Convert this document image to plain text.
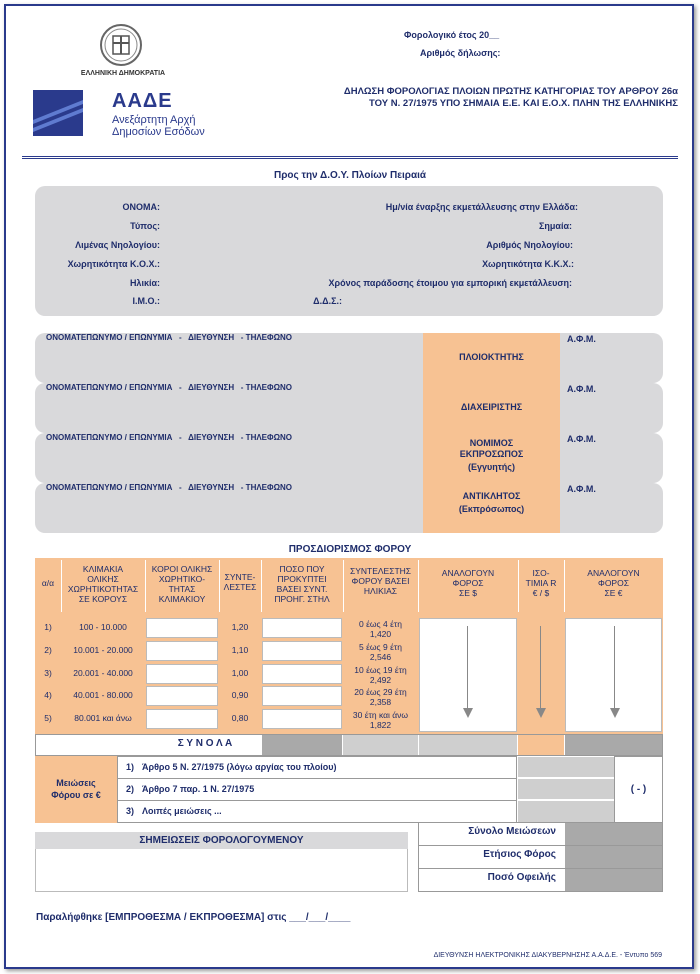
ΕΛΛΗΝΙΚΗ ΔΗΜΟΚΡΑΤΙΑ
ΑΑΔΕ
Ανεξάρτητη Αρχή
Δημοσίων Εσόδων
Φορολογικό έτος 20__
Αριθμός δήλωσης:
ΔΗΛΩΣΗ ΦΟΡΟΛΟΓΙΑΣ ΠΛΟΙΩΝ ΠΡΩΤΗΣ ΚΑΤΗΓΟΡΙΑΣ ΤΟΥ ΑΡΘΡΟΥ 26α
ΤΟΥ Ν. 27/1975 ΥΠΟ ΣΗΜΑΙΑ Ε.Ε. ΚΑΙ Ε.Ο.Χ. ΠΛΗΝ ΤΗΣ ΕΛΛΗΝΙΚΗΣ
Προς την Δ.Ο.Υ. Πλοίων Πειραιά
ΟΝΟΜΑ:
Τύπος:
Λιμένας Νηολογίου:
Χωρητικότητα Κ.Ο.Χ.:
Ηλικία:
Ι.Μ.Ο.:
Ημ/νία έναρξης εκμετάλλευσης στην Ελλάδα:
Σημαία:
Αριθμός Νηολογίου:
Χωρητικότητα Κ.Κ.Χ.:
Χρόνος παράδοσης έτοιμου για εμπορική εκμετάλλευση:
Δ.Δ.Σ.:
ΟΝΟΜΑΤΕΠΩΝΥΜΟ / ΕΠΩΝΥΜΙΑ   -   ΔΙΕΥΘΥΝΣΗ   - ΤΗΛΕΦΩΝΟ
ΟΝΟΜΑΤΕΠΩΝΥΜΟ / ΕΠΩΝΥΜΙΑ   -   ΔΙΕΥΘΥΝΣΗ   - ΤΗΛΕΦΩΝΟ
ΟΝΟΜΑΤΕΠΩΝΥΜΟ / ΕΠΩΝΥΜΙΑ   -   ΔΙΕΥΘΥΝΣΗ   - ΤΗΛΕΦΩΝΟ
ΟΝΟΜΑΤΕΠΩΝΥΜΟ / ΕΠΩΝΥΜΙΑ   -   ΔΙΕΥΘΥΝΣΗ   - ΤΗΛΕΦΩΝΟ
Α.Φ.Μ.
Α.Φ.Μ.
Α.Φ.Μ.
Α.Φ.Μ.
ΠΛΟΙΟΚΤΗΤΗΣ
ΔΙΑΧΕΙΡΙΣΤΗΣ
ΝΟΜΙΜΟΣ
ΕΚΠΡΟΣΩΠΟΣ
(Εγγυητής)
ΑΝΤΙΚΛΗΤΟΣ
(Εκπρόσωπος)
ΠΡΟΣΔΙΟΡΙΣΜΟΣ ΦΟΡΟΥ
α/α
ΚΛΙΜΑΚΙΑ
ΟΛΙΚΗΣ
ΧΩΡΗΤΙΚΟΤΗΤΑΣ
ΣΕ ΚΟΡΟΥΣ
ΚΟΡΟΙ ΟΛΙΚΗΣ
ΧΩΡΗΤΙΚΟ-
ΤΗΤΑΣ
ΚΛΙΜΑΚΙΟΥ
ΣΥΝΤΕ-
ΛΕΣΤΕΣ
ΠΟΣΟ ΠΟΥ
ΠΡΟΚΥΠΤΕΙ
ΒΑΣΕΙ ΣΥΝΤ.
ΠΡΟΗΓ. ΣΤΗΛ
ΣΥΝΤΕΛΕΣΤΗΣ
ΦΟΡΟΥ ΒΑΣΕΙ
ΗΛΙΚΙΑΣ
ΑΝΑΛΟΓΟΥΝ
ΦΟΡΟΣ
ΣΕ $
ΙΣΟ-
ΤΙΜΙΑ R
€ / $
ΑΝΑΛΟΓΟΥΝ
ΦΟΡΟΣ
ΣΕ €
1)
2)
3)
4)
5)
100 - 10.000
10.001 - 20.000
20.001 - 40.000
40.001 - 80.000
80.001 και άνω
1,20
1,10
1,00
0,90
0,80
0 έως 4 έτη
1,420
5 έως 9 έτη
2,546
10 έως 19 έτη
2,492
20 έως 29 έτη
2,358
30 έτη και άνω
1,822
Σ Υ Ν Ο Λ Α
Μειώσεις
Φόρου σε €
1) Άρθρο 5 Ν. 27/1975 (λόγω αργίας του πλοίου)
2) Άρθρο 7 παρ. 1 Ν. 27/1975
3) Λοιπές μειώσεις ...
( - )
ΣΗΜΕΙΩΣΕΙΣ ΦΟΡΟΛΟΓΟΥΜΕΝΟΥ
Σύνολο Μειώσεων
Ετήσιος Φόρος
Ποσό Οφειλής
Παραλήφθηκε [ΕΜΠΡΟΘΕΣΜΑ / ΕΚΠΡΟΘΕΣΜΑ] στις ___/___/____
ΔΙΕΥΘΥΝΣΗ ΗΛΕΚΤΡΟΝΙΚΗΣ ΔΙΑΚΥΒΕΡΝΗΣΗΣ Α.Α.Δ.Ε. - Έντυπο 569
